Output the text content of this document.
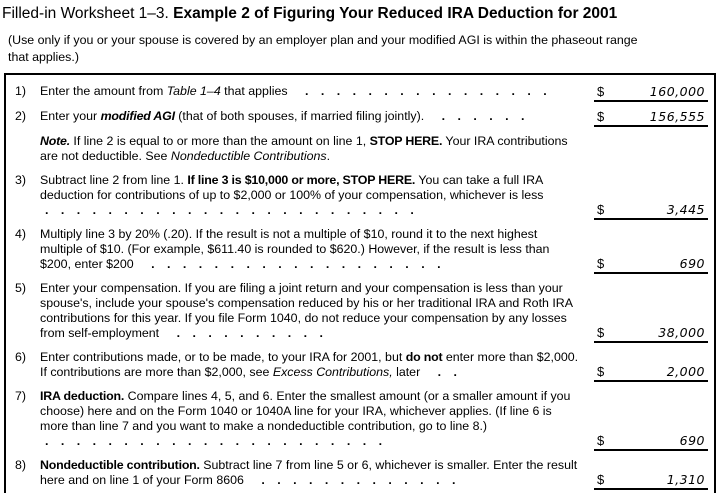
Filled-in Worksheet 1–3. Example 2 of Figuring Your Reduced IRA Deduction for 2001
(Use only if you or your spouse is covered by an employer plan and your modified AGI is within the phaseout range that applies.)
1)	Enter the amount from Table 1–4 that applies . . . . . . . . . . . . . . . .	$	160,000
2)	Enter your modified AGI (that of both spouses, if married filing jointly). . . . . . .	$	156,555
Note. If line 2 is equal to or more than the amount on line 1, STOP HERE. Your IRA contributions are not deductible. See Nondeductible Contributions.
3)	Subtract line 2 from line 1. If line 3 is $10,000 or more, STOP HERE. You can take a full IRA deduction for contributions of up to $2,000 or 100% of your compensation, whichever is less . . . . . . . . . . . . . . . . . . . . . . . .	$	3,445
4)	Multiply line 3 by 20% (.20). If the result is not a multiple of $10, round it to the next highest multiple of $10. (For example, $611.40 is rounded to $620.) However, if the result is less than $200, enter $200 . . . . . . . . . . . . . . . . . . .	$	690
5)	Enter your compensation. If you are filing a joint return and your compensation is less than your spouse's, include your spouse's compensation reduced by his or her traditional IRA and Roth IRA contributions for this year. If you file Form 1040, do not reduce your compensation by any losses from self-employment . . . . . . . . . .	$	38,000
6)	Enter contributions made, or to be made, to your IRA for 2001, but do not enter more than $2,000. If contributions are more than $2,000, see Excess Contributions, later . .	$	2,000
7)	IRA deduction. Compare lines 4, 5, and 6. Enter the smallest amount (or a smaller amount if you choose) here and on the Form 1040 or 1040A line for your IRA, whichever applies. (If line 6 is more than line 7 and you want to make a nondeductible contribution, go to line 8.) . . . . . . . . . . . . . . . . . . . . . .	$	690
8)	Nondeductible contribution. Subtract line 7 from line 5 or 6, whichever is smaller. Enter the result here and on line 1 of your Form 8606 . . . . . . . . . . . . .	$	1,310
